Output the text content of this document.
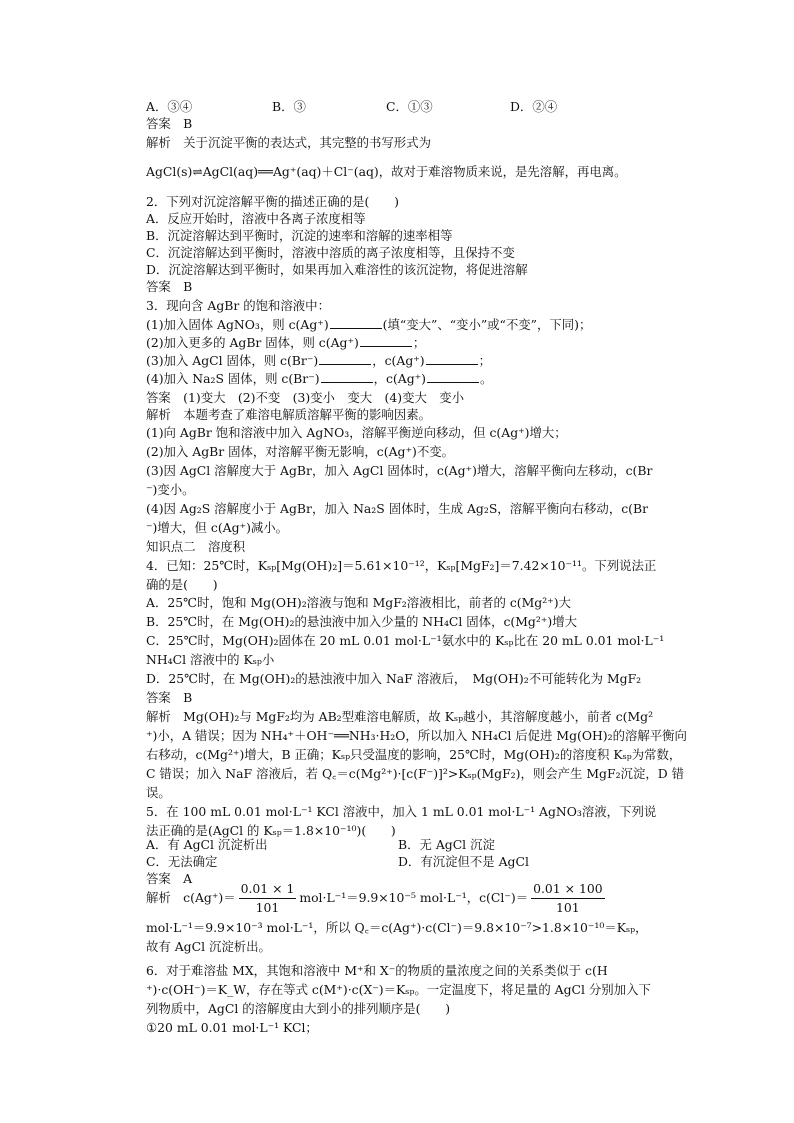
A．③④	B．③	C．①③	D．②④
答案　B
解析　关于沉淀平衡的表达式，其完整的书写形式为
AgCl(s)⇌AgCl(aq)══Ag⁺(aq)＋Cl⁻(aq)，故对于难溶物质来说，是先溶解，再电离。
2．下列对沉淀溶解平衡的描述正确的是(　　)
A．反应开始时，溶液中各离子浓度相等
B．沉淀溶解达到平衡时，沉淀的速率和溶解的速率相等
C．沉淀溶解达到平衡时，溶液中溶质的离子浓度相等，且保持不变
D．沉淀溶解达到平衡时，如果再加入难溶性的该沉淀物，将促进溶解
答案　B
3．现向含 AgBr 的饱和溶液中：
答案　(1)变大　(2)不变　(3)变小　变大　(4)变大　变小
解析　本题考查了难溶电解质溶解平衡的影响因素。
(1)向 AgBr 饱和溶液中加入 AgNO₃，溶解平衡逆向移动，但 c(Ag⁺)增大；
(2)加入 AgBr 固体，对溶解平衡无影响，c(Ag⁺)不变。
(3)因 AgCl 溶解度大于 AgBr，加入 AgCl 固体时，c(Ag⁺)增大，溶解平衡向左移动，c(Br
⁻)变小。
(4)因 Ag₂S 溶解度小于 AgBr，加入 Na₂S 固体时，生成 Ag₂S，溶解平衡向右移动，c(Br
⁻)增大，但 c(Ag⁺)减小。
知识点二　溶度积
4．已知：25℃时，Kₛₚ[Mg(OH)₂]＝5.61×10⁻¹²，Kₛₚ[MgF₂]＝7.42×10⁻¹¹。下列说法正
确的是(　　)
A．25℃时，饱和 Mg(OH)₂溶液与饱和 MgF₂溶液相比，前者的 c(Mg²⁺)大
B．25℃时，在 Mg(OH)₂的悬浊液中加入少量的 NH₄Cl 固体，c(Mg²⁺)增大
C．25℃时，Mg(OH)₂固体在 20 mL 0.01 mol·L⁻¹氨水中的 Kₛₚ比在 20 mL 0.01 mol·L⁻¹
NH₄Cl 溶液中的 Kₛₚ小
D．25℃时，在 Mg(OH)₂的悬浊液中加入 NaF 溶液后，　Mg(OH)₂不可能转化为 MgF₂
答案　B
解析　Mg(OH)₂与 MgF₂均为 AB₂型难溶电解质，故 Kₛₚ越小，其溶解度越小，前者 c(Mg²
⁺)小，A 错误；因为 NH₄⁺＋OH⁻══NH₃·H₂O，所以加入 NH₄Cl 后促进 Mg(OH)₂的溶解平衡向
右移动，c(Mg²⁺)增大，B 正确；Kₛₚ只受温度的影响，25℃时，Mg(OH)₂的溶度积 Kₛₚ为常数，
C 错误；加入 NaF 溶液后，若 Q꜀＝c(Mg²⁺)·[c(F⁻)]²>Kₛₚ(MgF₂)，则会产生 MgF₂沉淀，D 错
误。
5．在 100 mL 0.01 mol·L⁻¹ KCl 溶液中，加入 1 mL 0.01 mol·L⁻¹ AgNO₃溶液，下列说
法正确的是(AgCl 的 Kₛₚ＝1.8×10⁻¹⁰)(　　)
答案　A
mol·L⁻¹＝9.9×10⁻³ mol·L⁻¹，所以 Q꜀＝c(Ag⁺)·c(Cl⁻)＝9.8×10⁻⁷>1.8×10⁻¹⁰＝Kₛₚ，
故有 AgCl 沉淀析出。
6．对于难溶盐 MX，其饱和溶液中 M⁺和 X⁻的物质的量浓度之间的关系类似于 c(H
⁺)·c(OH⁻)＝K_W，存在等式 c(M⁺)·c(X⁻)＝Kₛₚ。一定温度下，将足量的 AgCl 分别加入下
列物质中，AgCl 的溶解度由大到小的排列顺序是(　　)
①20 mL 0.01 mol·L⁻¹ KCl；
(1)加入固体 AgNO₃，则 c(Ag⁺)	(填“变大”、“变小”或“不变”，下同)；
(2)加入更多的 AgBr 固体，则 c(Ag⁺)	；
(3)加入 AgCl 固体，则 c(Br⁻)	，c(Ag⁺)	；
(4)加入 Na₂S 固体，则 c(Br⁻)	，c(Ag⁺)	。
A．有 AgCl 沉淀析出	B．无 AgCl 沉淀
C．无法确定	D．有沉淀但不是 AgCl
解析　$c(Ag^+)= \frac{0.01 \times 1}{101} mol\cdot L^{-1}=9.9\times 10^{-5}$ mol·L⁻¹，$c(Cl^-)= \frac{0.01 \times 100}{101}$
